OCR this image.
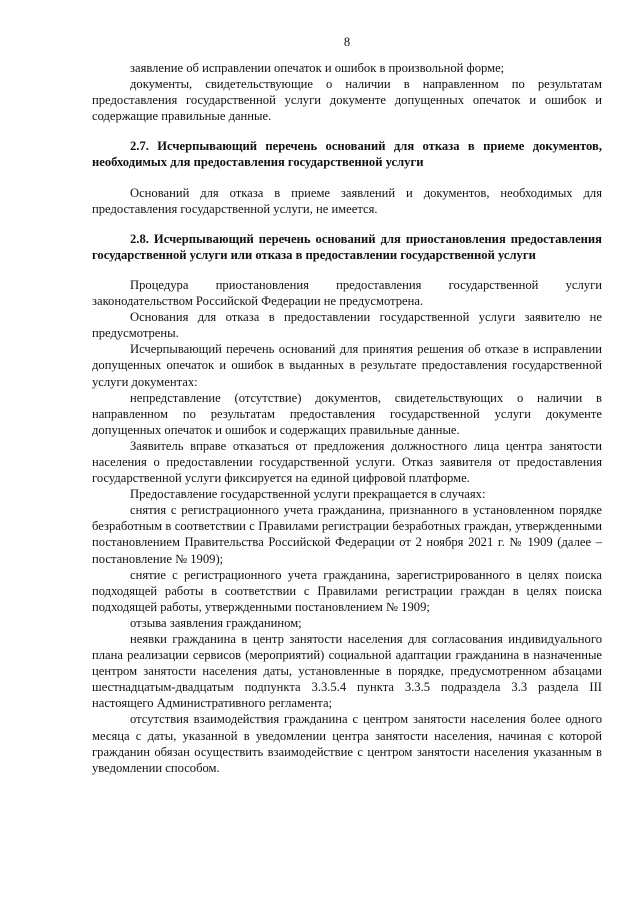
8

заявление об исправлении опечаток и ошибок в произвольной форме;

документы, свидетельствующие о наличии в направленном по результатам предоставления государственной услуги документе допущенных опечаток и ошибок и содержащие правильные данные.

2.7. Исчерпывающий перечень оснований для отказа в приеме документов, необходимых для предоставления государственной услуги

Оснований для отказа в приеме заявлений и документов, необходимых для предоставления государственной услуги, не имеется.

2.8. Исчерпывающий перечень оснований для приостановления предоставления государственной услуги или отказа в предоставлении государственной услуги

Процедура приостановления предоставления государственной услуги законодательством Российской Федерации не предусмотрена.

Основания для отказа в предоставлении государственной услуги заявителю не предусмотрены.

Исчерпывающий перечень оснований для принятия решения об отказе в исправлении допущенных опечаток и ошибок в выданных в результате предоставления государственной услуги документах:

непредставление (отсутствие) документов, свидетельствующих о наличии в направленном по результатам предоставления государственной услуги документе допущенных опечаток и ошибок и содержащих правильные данные.

Заявитель вправе отказаться от предложения должностного лица центра занятости населения о предоставлении государственной услуги. Отказ заявителя от предоставления государственной услуги фиксируется на единой цифровой платформе.

Предоставление государственной услуги прекращается в случаях:

снятия с регистрационного учета гражданина, признанного в установленном порядке безработным в соответствии с Правилами регистрации безработных граждан, утвержденными постановлением Правительства Российской Федерации от 2 ноября 2021 г. № 1909 (далее – постановление № 1909);

снятие с регистрационного учета гражданина, зарегистрированного в целях поиска подходящей работы в соответствии с Правилами регистрации граждан в целях поиска подходящей работы, утвержденными постановлением № 1909;

отзыва заявления гражданином;

неявки гражданина в центр занятости населения для согласования индивидуального плана реализации сервисов (мероприятий) социальной адаптации гражданина в назначенные центром занятости населения даты, установленные в порядке, предусмотренном абзацами шестнадцатым-двадцатым подпункта 3.3.5.4 пункта 3.3.5 подраздела 3.3 раздела III настоящего Административного регламента;

отсутствия взаимодействия гражданина с центром занятости населения более одного месяца с даты, указанной в уведомлении центра занятости населения, начиная с которой гражданин обязан осуществить взаимодействие с центром занятости населения указанным в уведомлении способом.
